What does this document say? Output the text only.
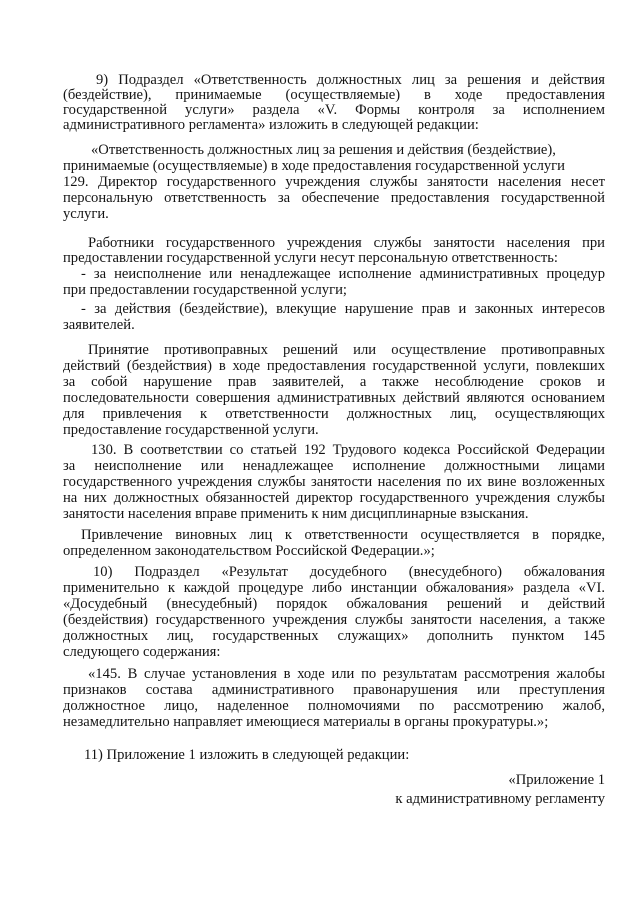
9) Подраздел «Ответственность должностных лиц за решения и действия
(бездействие), принимаемые (осуществляемые) в ходе предоставления
государственной услуги» раздела «V. Формы контроля за исполнением
административного регламента» изложить в следующей редакции:
«Ответственность должностных лиц за решения и действия (бездействие),
принимаемые (осуществляемые) в ходе предоставления государственной услуги
129. Директор государственного учреждения службы занятости населения несет
персональную ответственность за обеспечение предоставления государственной
услуги.
Работники государственного учреждения службы занятости населения при
предоставлении государственной услуги несут персональную ответственность:
- за неисполнение или ненадлежащее исполнение административных процедур
при предоставлении государственной услуги;
- за действия (бездействие), влекущие нарушение прав и законных интересов
заявителей.
Принятие противоправных решений или осуществление противоправных
действий (бездействия) в ходе предоставления государственной услуги, повлекших
за собой нарушение прав заявителей, а также несоблюдение сроков и
последовательности совершения административных действий являются основанием
для привлечения к ответственности должностных лиц, осуществляющих
предоставление государственной услуги.
130. В соответствии со статьей 192 Трудового кодекса Российской Федерации
за неисполнение или ненадлежащее исполнение должностными лицами
государственного учреждения службы занятости населения по их вине возложенных
на них должностных обязанностей директор государственного учреждения службы
занятости населения вправе применить к ним дисциплинарные взыскания.
Привлечение виновных лиц к ответственности осуществляется в порядке,
определенном законодательством Российской Федерации.»;
10) Подраздел «Результат досудебного (внесудебного) обжалования
применительно к каждой процедуре либо инстанции обжалования» раздела «VI.
«Досудебный (внесудебный) порядок обжалования решений и действий
(бездействия) государственного учреждения службы занятости населения, а также
должностных лиц, государственных служащих» дополнить пунктом 145
следующего содержания:
«145. В случае установления в ходе или по результатам рассмотрения жалобы
признаков состава административного правонарушения или преступления
должностное лицо, наделенное полномочиями по рассмотрению жалоб,
незамедлительно направляет имеющиеся материалы в органы прокуратуры.»;
11) Приложение 1 изложить в следующей редакции:
«Приложение 1
к административному регламенту
